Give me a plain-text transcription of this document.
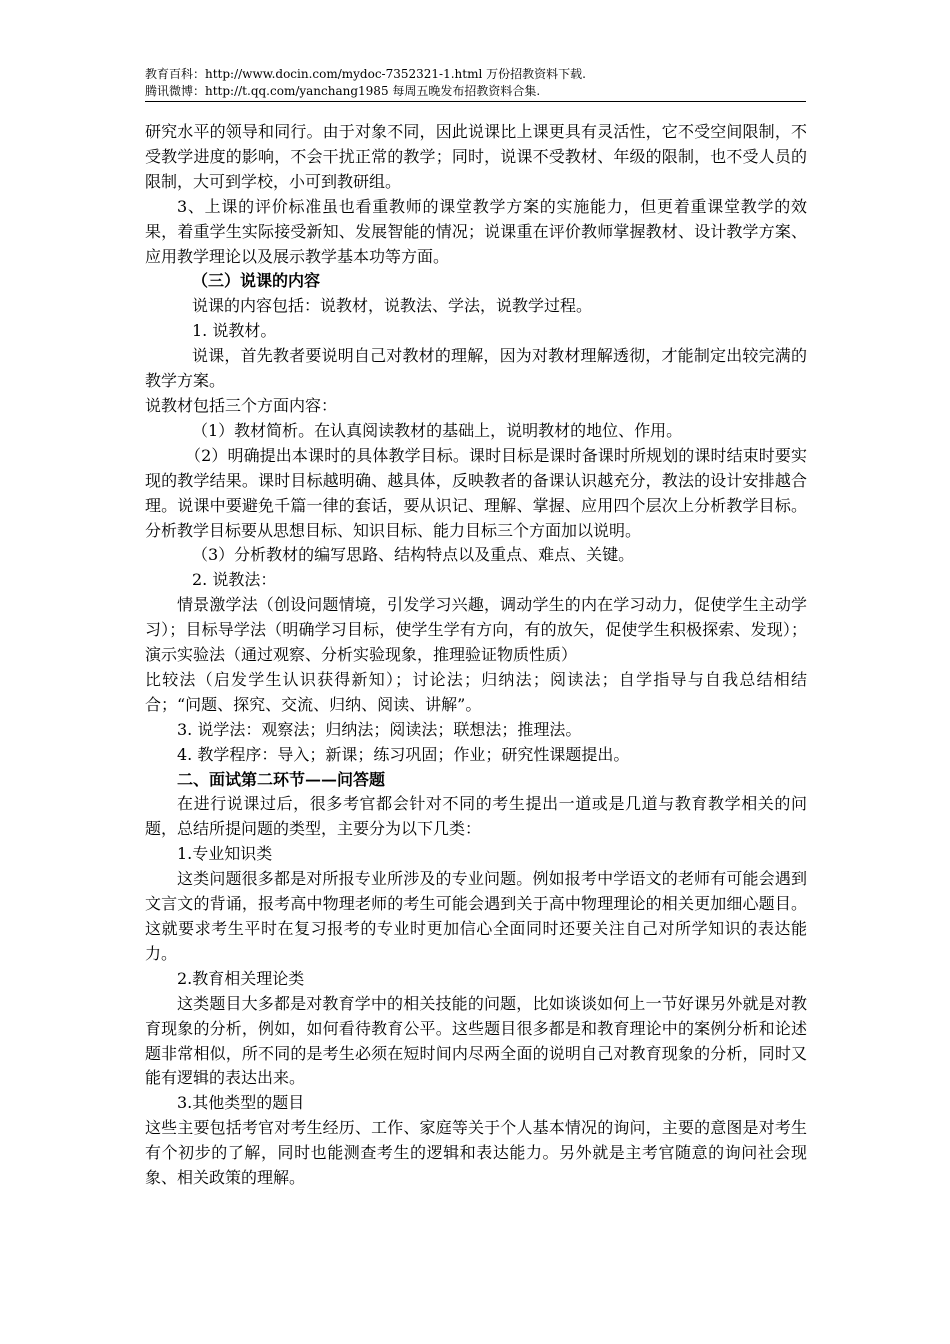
教育百科：http://www.docin.com/mydoc-7352321-1.html 万份招教资料下载.
腾讯微博：http://t.qq.com/yanchang1985 每周五晚发布招教资料合集.

研究水平的领导和同行。由于对象不同，因此说课比上课更具有灵活性，它不受空间限制，不受教学进度的影响，不会干扰正常的教学；同时，说课不受教材、年级的限制，也不受人员的限制，大可到学校，小可到教研组。

3、上课的评价标准虽也看重教师的课堂教学方案的实施能力，但更着重课堂教学的效果，着重学生实际接受新知、发展智能的情况；说课重在评价教师掌握教材、设计教学方案、应用教学理论以及展示教学基本功等方面。

（三）说课的内容

说课的内容包括：说教材，说教法、学法，说教学过程。

1. 说教材。

说课，首先教者要说明自己对教材的理解，因为对教材理解透彻，才能制定出较完满的教学方案。

说教材包括三个方面内容：

（1）教材简析。在认真阅读教材的基础上，说明教材的地位、作用。

（2）明确提出本课时的具体教学目标。课时目标是课时备课时所规划的课时结束时要实现的教学结果。课时目标越明确、越具体，反映教者的备课认识越充分，教法的设计安排越合理。说课中要避免千篇一律的套话，要从识记、理解、掌握、应用四个层次上分析教学目标。分析教学目标要从思想目标、知识目标、能力目标三个方面加以说明。

（3）分析教材的编写思路、结构特点以及重点、难点、关键。

2. 说教法：

情景激学法（创设问题情境，引发学习兴趣，调动学生的内在学习动力，促使学生主动学习）；目标导学法（明确学习目标，使学生学有方向，有的放矢，促使学生积极探索、发现）；演示实验法（通过观察、分析实验现象，推理验证物质性质）

比较法（启发学生认识获得新知）；讨论法；归纳法；阅读法；自学指导与自我总结相结合；“问题、探究、交流、归纳、阅读、讲解”。

3. 说学法：观察法；归纳法；阅读法；联想法；推理法。

4. 教学程序：导入；新课；练习巩固；作业；研究性课题提出。

二、面试第二环节——问答题

在进行说课过后，很多考官都会针对不同的考生提出一道或是几道与教育教学相关的问题，总结所提问题的类型，主要分为以下几类：

1.专业知识类

这类问题很多都是对所报专业所涉及的专业问题。例如报考中学语文的老师有可能会遇到文言文的背诵，报考高中物理老师的考生可能会遇到关于高中物理理论的相关更加细心题目。这就要求考生平时在复习报考的专业时更加信心全面同时还要关注自己对所学知识的表达能力。

2.教育相关理论类

这类题目大多都是对教育学中的相关技能的问题，比如谈谈如何上一节好课另外就是对教育现象的分析，例如，如何看待教育公平。这些题目很多都是和教育理论中的案例分析和论述题非常相似，所不同的是考生必须在短时间内尽两全面的说明自己对教育现象的分析，同时又能有逻辑的表达出来。

3.其他类型的题目

这些主要包括考官对考生经历、工作、家庭等关于个人基本情况的询问，主要的意图是对考生有个初步的了解，同时也能测查考生的逻辑和表达能力。另外就是主考官随意的询问社会现象、相关政策的理解。
